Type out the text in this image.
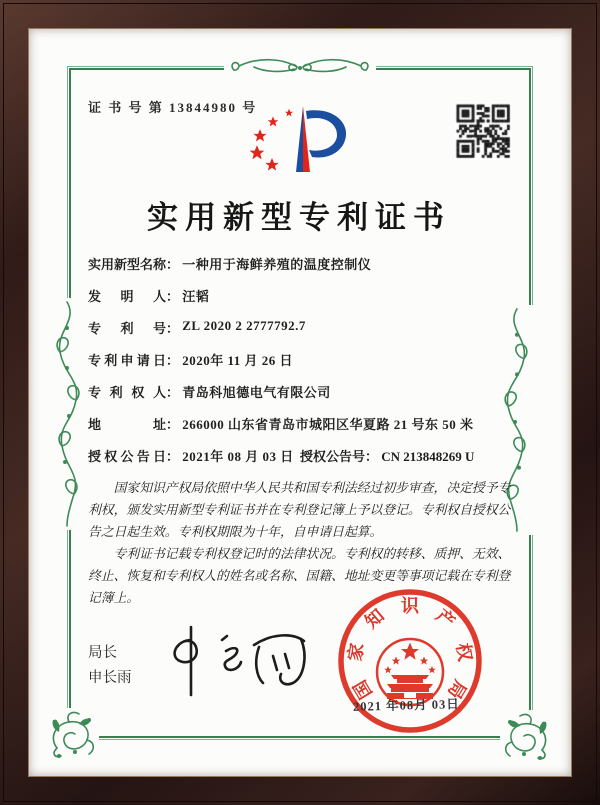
证 书 号 第 13844980 号
实用新型专利证书
实用新型名称： 一种用于海鲜养殖的温度控制仪
发明人： 汪韬
专利号： ZL 2020 2 2777792.7
专利申请日： 2020年 11 月 26 日
专利权人： 青岛科旭德电气有限公司
地址： 266000 山东省青岛市城阳区华夏路 21 号东 50 米
授权公告日： 2021年 08 月 03 日 授权公告号： CN 213848269 U

国家知识产权局依照中华人民共和国专利法经过初步审查，决定授予专利权，颁发实用新型专利证书并在专利登记簿上予以登记。专利权自授权公告之日起生效。专利权期限为十年，自申请日起算。

专利证书记载专利权登记时的法律状况。专利权的转移、质押、无效、终止、恢复和专利权人的姓名或名称、国籍、地址变更等事项记载在专利登记簿上。

局长
申长雨	国
家
知 识 产
权
局
2021 年08月 03日
